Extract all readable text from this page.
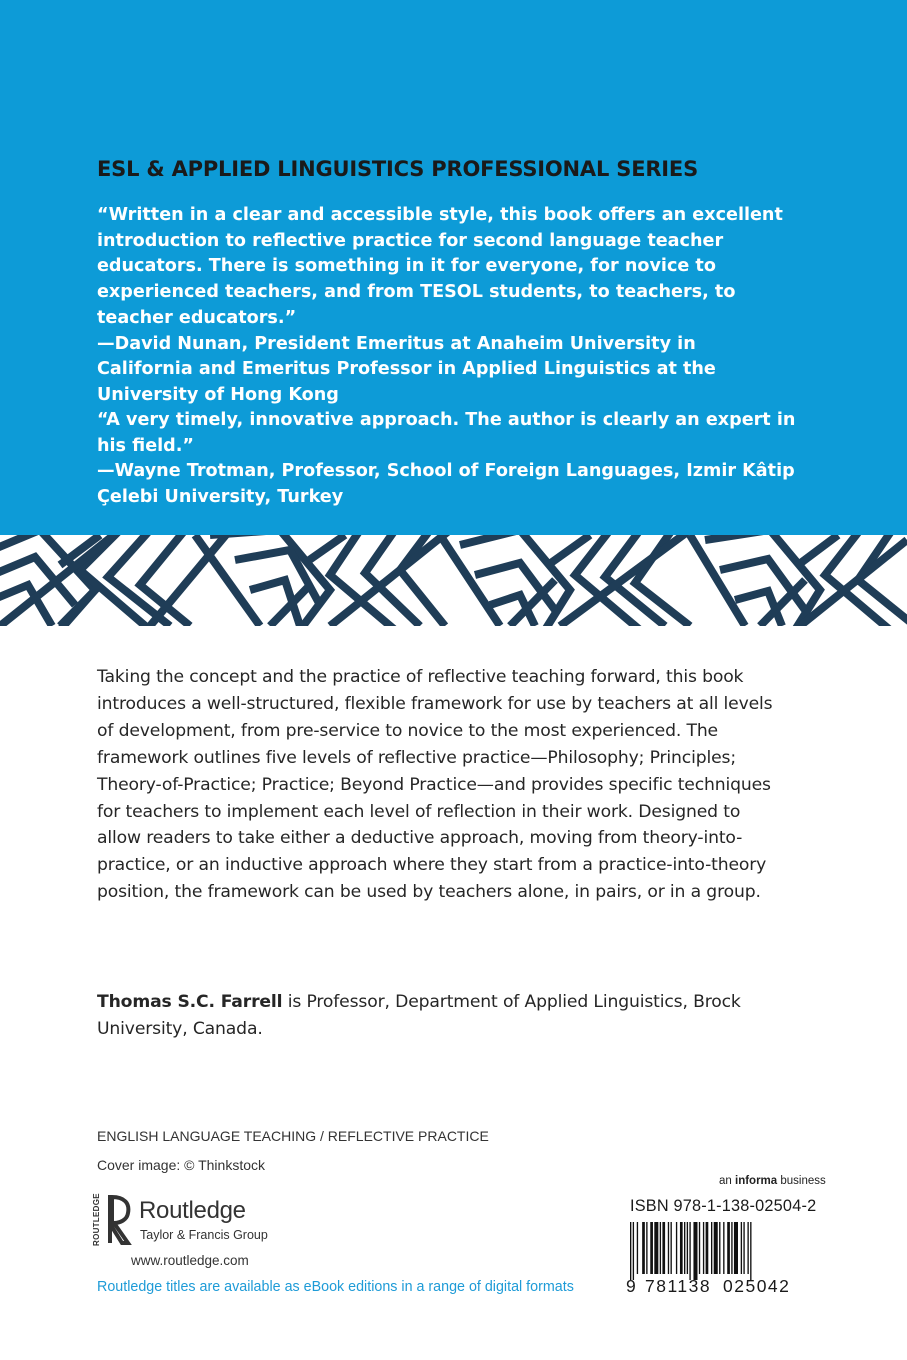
ESL & APPLIED LINGUISTICS PROFESSIONAL SERIES
“Written in a clear and accessible style, this book offers an excellent introduction to reflective practice for second language teacher educators. There is something in it for everyone, for novice to experienced teachers, and from TESOL students, to teachers, to teacher educators.”
—David Nunan, President Emeritus at Anaheim University in California and Emeritus Professor in Applied Linguistics at the University of Hong Kong
“A very timely, innovative approach. The author is clearly an expert in his field.”
—Wayne Trotman, Professor, School of Foreign Languages, Izmir Kâtip Çelebi University, Turkey
Taking the concept and the practice of reflective teaching forward, this book introduces a well-structured, flexible framework for use by teachers at all levels of development, from pre-service to novice to the most experienced. The framework outlines five levels of reflective practice—Philosophy; Principles; Theory-of-Practice; Practice; Beyond Practice—and provides specific techniques for teachers to implement each level of reflection in their work. Designed to allow readers to take either a deductive approach, moving from theory-into-practice, or an inductive approach where they start from a practice-into-theory position, the framework can be used by teachers alone, in pairs, or in a group.
Thomas S.C. Farrell is Professor, Department of Applied Linguistics, Brock University, Canada.
ENGLISH LANGUAGE TEACHING / REFLECTIVE PRACTICE
Cover image: © Thinkstock
ROUTLEDGE Routledge
Taylor & Francis Group
www.routledge.com
Routledge titles are available as eBook editions in a range of digital formats
an informa business
ISBN 978-1-138-02504-2
9 781138 025042
